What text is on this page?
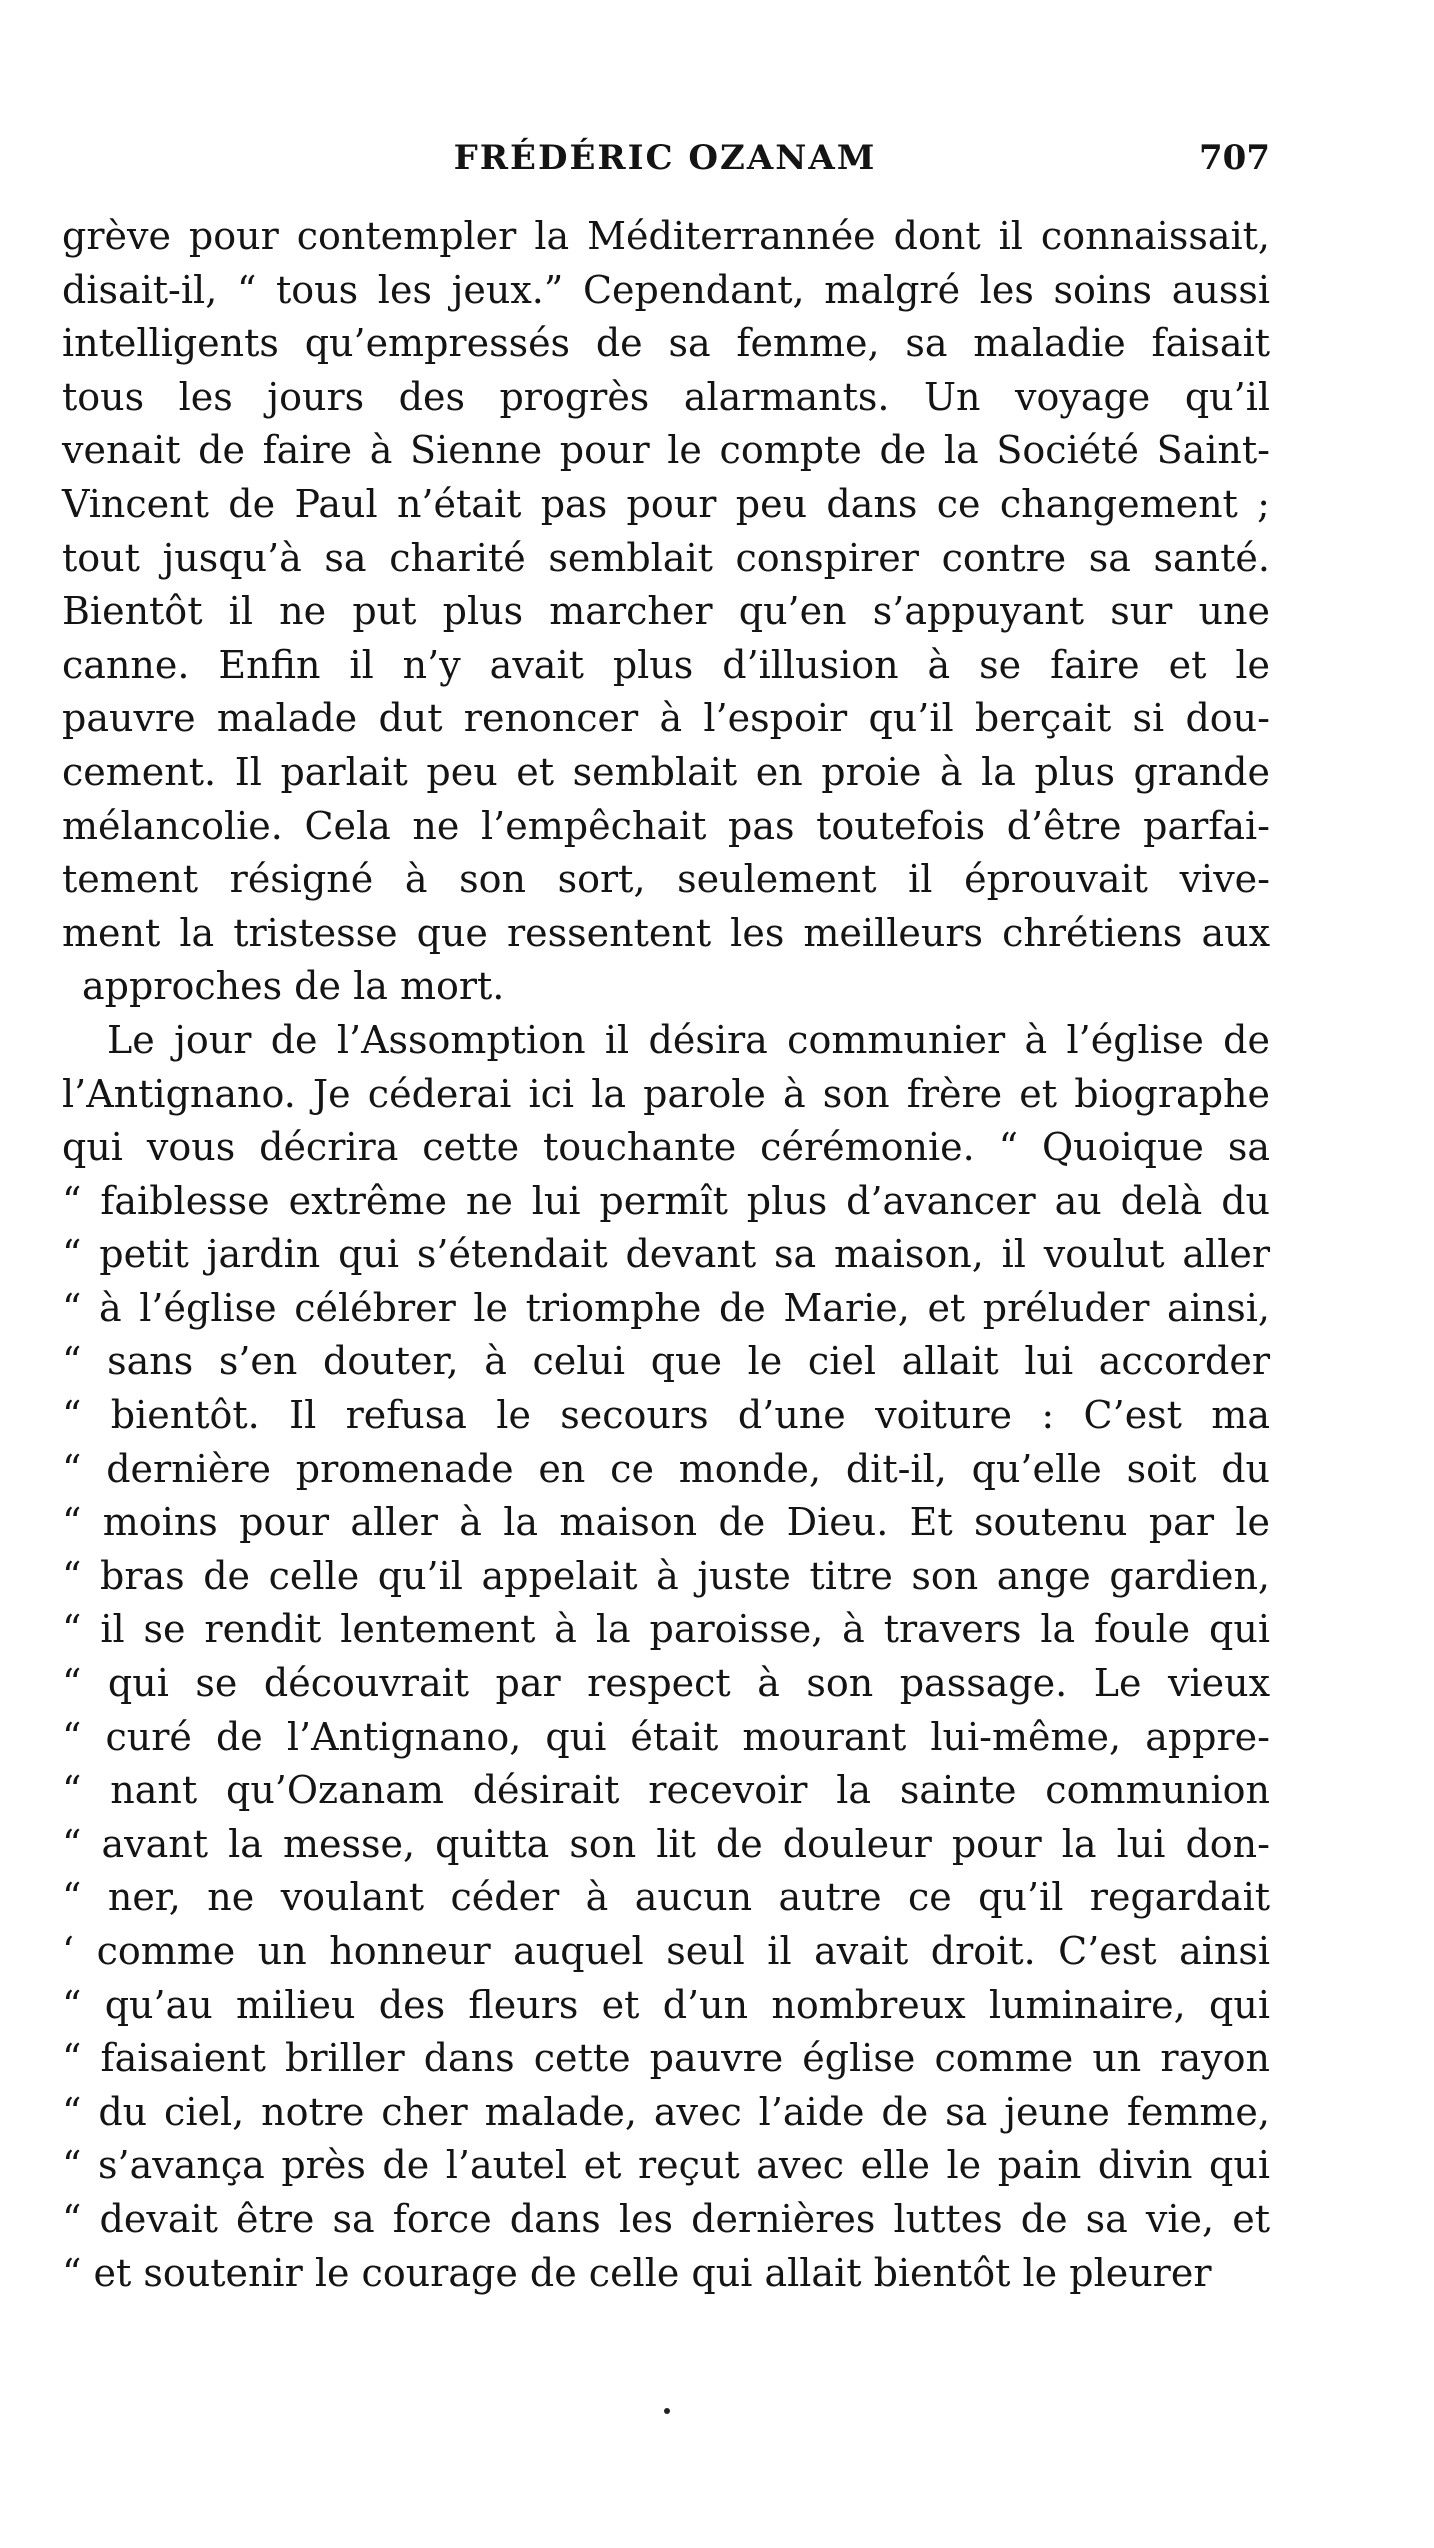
FRÉDÉRIC OZANAM	707

grève pour contempler la Méditerrannée dont il connaissait,
disait-il, “ tous les jeux.” Cependant, malgré les soins aussi
intelligents qu’empressés de sa femme, sa maladie faisait
tous les jours des progrès alarmants. Un voyage qu’il
venait de faire à Sienne pour le compte de la Société Saint-
Vincent de Paul n’était pas pour peu dans ce changement ;
tout jusqu’à sa charité semblait conspirer contre sa santé.
Bientôt il ne put plus marcher qu’en s’appuyant sur une
canne. Enfin il n’y avait plus d’illusion à se faire et le
pauvre malade dut renoncer à l’espoir qu’il berçait si dou-
cement. Il parlait peu et semblait en proie à la plus grande
mélancolie. Cela ne l’empêchait pas toutefois d’être parfai-
tement résigné à son sort, seulement il éprouvait vive-
ment la tristesse que ressentent les meilleurs chrétiens aux
approches de la mort.

Le jour de l’Assomption il désira communier à l’église de
l’Antignano. Je céderai ici la parole à son frère et biographe
qui vous décrira cette touchante cérémonie. “ Quoique sa
“ faiblesse extrême ne lui permît plus d’avancer au delà du
“ petit jardin qui s’étendait devant sa maison, il voulut aller
“ à l’église célébrer le triomphe de Marie, et préluder ainsi,
“ sans s’en douter, à celui que le ciel allait lui accorder
“ bientôt. Il refusa le secours d’une voiture : C’est ma
“ dernière promenade en ce monde, dit-il, qu’elle soit du
“ moins pour aller à la maison de Dieu. Et soutenu par le
“ bras de celle qu’il appelait à juste titre son ange gardien,
“ il se rendit lentement à la paroisse, à travers la foule qui
“ qui se découvrait par respect à son passage. Le vieux
“ curé de l’Antignano, qui était mourant lui-même, appre-
“ nant qu’Ozanam désirait recevoir la sainte communion
“ avant la messe, quitta son lit de douleur pour la lui don-
“ ner, ne voulant céder à aucun autre ce qu’il regardait
‘ comme un honneur auquel seul il avait droit. C’est ainsi
“ qu’au milieu des fleurs et d’un nombreux luminaire, qui
“ faisaient briller dans cette pauvre église comme un rayon
“ du ciel, notre cher malade, avec l’aide de sa jeune femme,
“ s’avança près de l’autel et reçut avec elle le pain divin qui
“ devait être sa force dans les dernières luttes de sa vie, et
“ et soutenir le courage de celle qui allait bientôt le pleurer
